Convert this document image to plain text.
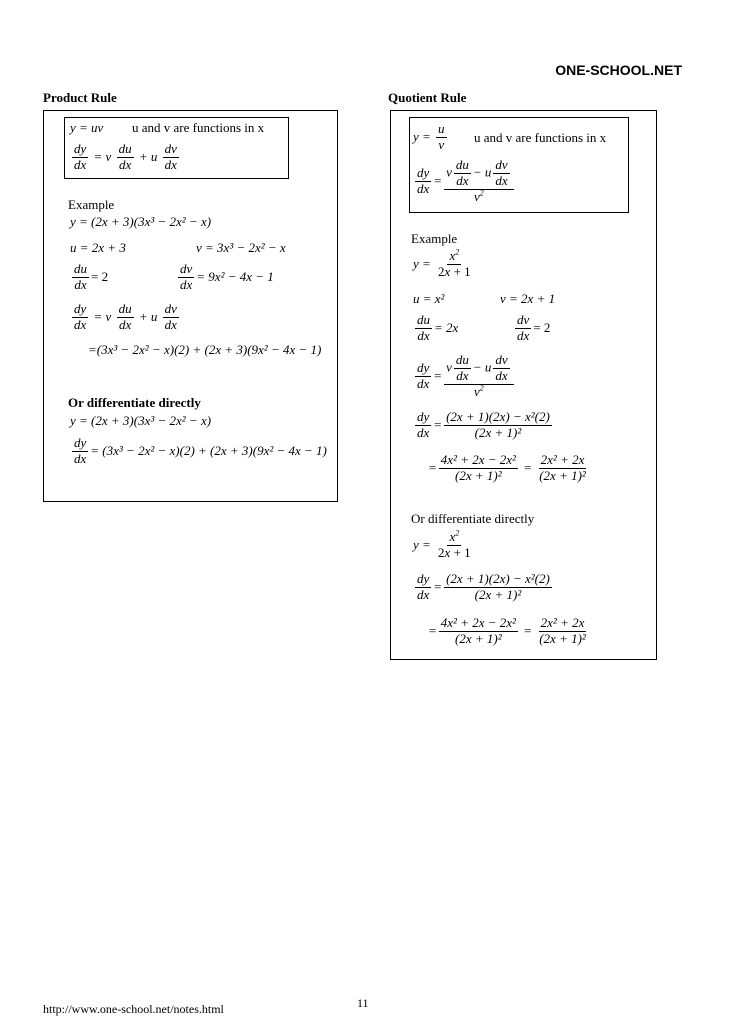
ONE-SCHOOL.NET
Product Rule
y = uv u and v are functions in x
$\frac{dy}{dx} = v \frac{du}{dx} + u \frac{dv}{dx}$
Example
y = (2x + 3)(3x³ − 2x² − x)
u = 2x + 3	v = 3x³ − 2x² − x
$\frac{du}{dx} = 2$	$\frac{dv}{dx} = 9x^2 - 4x - 1$
$\frac{dy}{dx} = v \frac{du}{dx} + u \frac{dv}{dx}$
=(3x³ − 2x² − x)(2) + (2x + 3)(9x² − 4x − 1)
Or differentiate directly
y = (2x + 3)(3x³ − 2x² − x)
$\frac{dy}{dx} = (3x^3 - 2x^2 - x)(2) + (2x + 3)(9x^2 - 4x - 1)$
Quotient Rule
$y = \frac{u}{v}$ u and v are functions in x
$\frac{dy}{dx} = \frac{v \frac{du}{dx} - u \frac{dv}{dx}}{v^2}$
Example
$y = \frac{x^2}{2x + 1}$
u = x²	v = 2x + 1
$\frac{du}{dx} = 2x$	$\frac{dv}{dx} = 2$
$\frac{dy}{dx} = \frac{v \frac{du}{dx} - u \frac{dv}{dx}}{v^2}$
$\frac{dy}{dx} = \frac{\text{(2x + 1)(2x) − x²(2)}}{\text{(2x + 1)²}}$
= $\frac{\text{4x² + 2x − 2x²}}{\text{(2x + 1)²}} = \frac{\text{2x² + 2x}}{\text{(2x + 1)²}}$
Or differentiate directly
$y = \frac{x^2}{2x + 1}$
$\frac{dy}{dx} = \frac{\text{(2x + 1)(2x) − x²(2)}}{\text{(2x + 1)²}}$
= $\frac{\text{4x² + 2x − 2x²}}{\text{(2x + 1)²}} = \frac{\text{2x² + 2x}}{\text{(2x + 1)²}}$
http://www.one-school.net/notes.html	11
